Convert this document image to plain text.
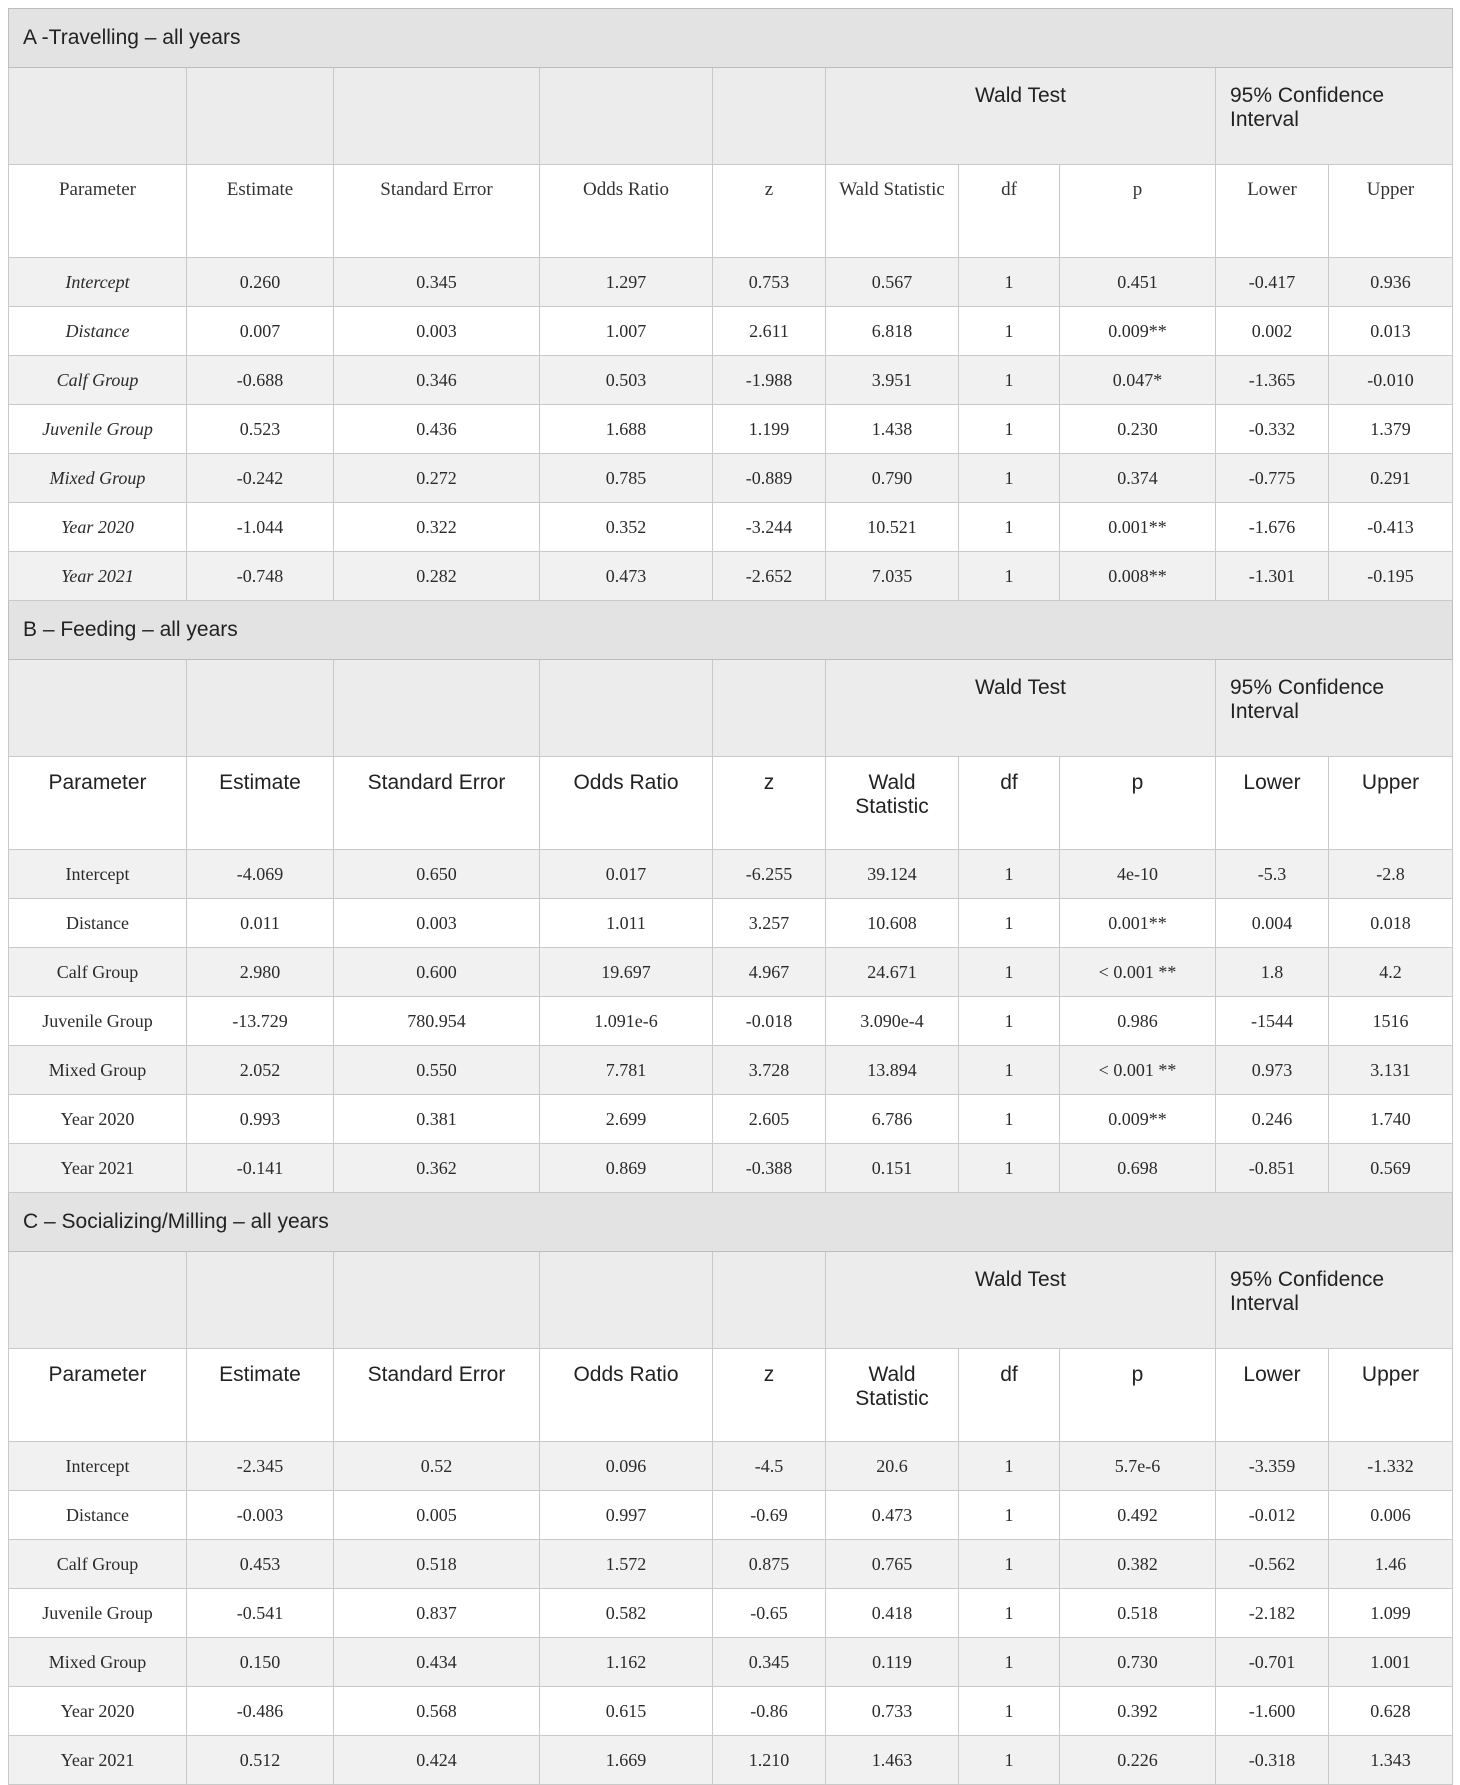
A -Travelling – all years									
					Wald Test			95% Confidence Interval	
Parameter	Estimate	Standard Error	Odds Ratio	z	Wald Statistic	df	p	Lower	Upper
Intercept	0.260	0.345	1.297	0.753	0.567	1	0.451	-0.417	0.936
Distance	0.007	0.003	1.007	2.611	6.818	1	0.009**	0.002	0.013
Calf Group	-0.688	0.346	0.503	-1.988	3.951	1	0.047*	-1.365	-0.010
Juvenile Group	0.523	0.436	1.688	1.199	1.438	1	0.230	-0.332	1.379
Mixed Group	-0.242	0.272	0.785	-0.889	0.790	1	0.374	-0.775	0.291
Year 2020	-1.044	0.322	0.352	-3.244	10.521	1	0.001**	-1.676	-0.413
Year 2021	-0.748	0.282	0.473	-2.652	7.035	1	0.008**	-1.301	-0.195
B – Feeding – all years									
					Wald Test			95% Confidence Interval	
Parameter	Estimate	Standard Error	Odds Ratio	z	Wald Statistic	df	p	Lower	Upper
Intercept	-4.069	0.650	0.017	-6.255	39.124	1	4e-10	-5.3	-2.8
Distance	0.011	0.003	1.011	3.257	10.608	1	0.001**	0.004	0.018
Calf Group	2.980	0.600	19.697	4.967	24.671	1	< 0.001 **	1.8	4.2
Juvenile Group	-13.729	780.954	1.091e-6	-0.018	3.090e-4	1	0.986	-1544	1516
Mixed Group	2.052	0.550	7.781	3.728	13.894	1	< 0.001 **	0.973	3.131
Year 2020	0.993	0.381	2.699	2.605	6.786	1	0.009**	0.246	1.740
Year 2021	-0.141	0.362	0.869	-0.388	0.151	1	0.698	-0.851	0.569
C – Socializing/Milling – all years									
					Wald Test			95% Confidence Interval	
Parameter	Estimate	Standard Error	Odds Ratio	z	Wald Statistic	df	p	Lower	Upper
Intercept	-2.345	0.52	0.096	-4.5	20.6	1	5.7e-6	-3.359	-1.332
Distance	-0.003	0.005	0.997	-0.69	0.473	1	0.492	-0.012	0.006
Calf Group	0.453	0.518	1.572	0.875	0.765	1	0.382	-0.562	1.46
Juvenile Group	-0.541	0.837	0.582	-0.65	0.418	1	0.518	-2.182	1.099
Mixed Group	0.150	0.434	1.162	0.345	0.119	1	0.730	-0.701	1.001
Year 2020	-0.486	0.568	0.615	-0.86	0.733	1	0.392	-1.600	0.628
Year 2021	0.512	0.424	1.669	1.210	1.463	1	0.226	-0.318	1.343
